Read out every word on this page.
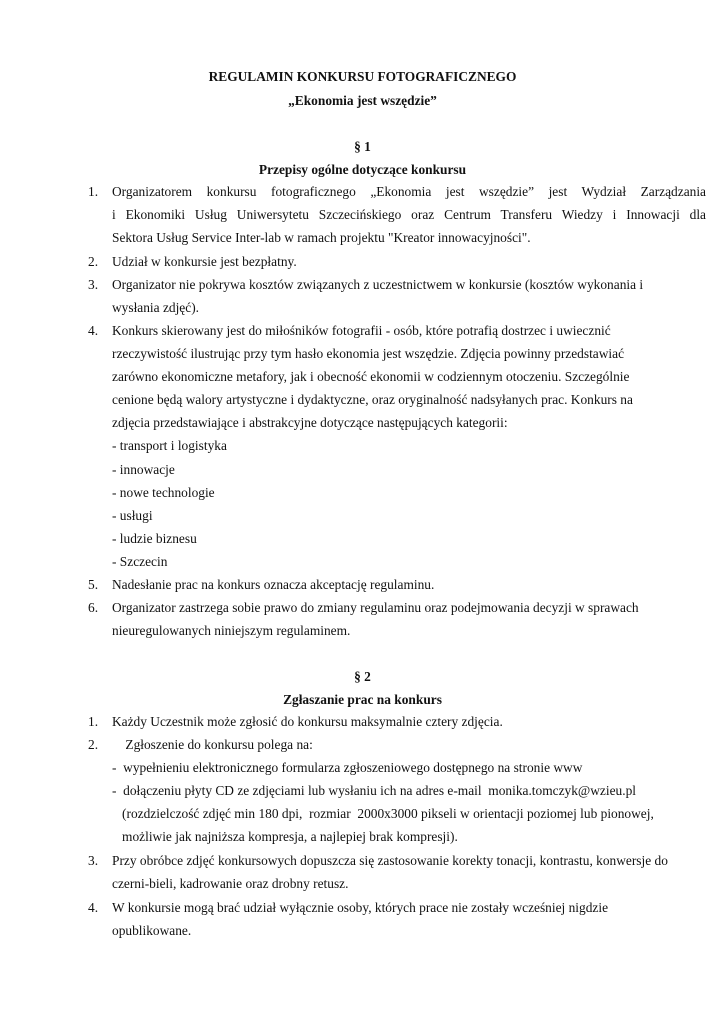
REGULAMIN KONKURSU FOTOGRAFICZNEGO
„Ekonomia jest wszędzie”
§ 1
Przepisy ogólne dotyczące konkursu
1.	Organizatorem konkursu fotograficznego „Ekonomia jest wszędzie” jest Wydział Zarządzania
i Ekonomiki Usług Uniwersytetu Szczecińskiego oraz Centrum Transferu Wiedzy i Innowacji dla
Sektora Usług Service Inter-lab w ramach projektu "Kreator innowacyjności".
2.	Udział w konkursie jest bezpłatny.
3.	Organizator nie pokrywa kosztów związanych z uczestnictwem w konkursie (kosztów wykonania i
wysłania zdjęć).
4.	Konkurs skierowany jest do miłośników fotografii - osób, które potrafią dostrzec i uwiecznić
rzeczywistość ilustrując przy tym hasło ekonomia jest wszędzie. Zdjęcia powinny przedstawiać
zarówno ekonomiczne metafory, jak i obecność ekonomii w codziennym otoczeniu. Szczególnie
cenione będą walory artystyczne i dydaktyczne, oraz oryginalność nadsyłanych prac. Konkurs na
zdjęcia przedstawiające i abstrakcyjne dotyczące następujących kategorii:
- transport i logistyka
- innowacje
- nowe technologie
- usługi
- ludzie biznesu
- Szczecin
5.	Nadesłanie prac na konkurs oznacza akceptację regulaminu.
6.	Organizator zastrzega sobie prawo do zmiany regulaminu oraz podejmowania decyzji w sprawach
nieuregulowanych niniejszym regulaminem.
§ 2
Zgłaszanie prac na konkurs
1.	Każdy Uczestnik może zgłosić do konkursu maksymalnie cztery zdjęcia.
2.	Zgłoszenie do konkursu polega na:
-  wypełnieniu elektronicznego formularza zgłoszeniowego dostępnego na stronie www
-  dołączeniu płyty CD ze zdjęciami lub wysłaniu ich na adres e-mail  monika.tomczyk@wzieu.pl
(rozdzielczość zdjęć min 180 dpi,  rozmiar  2000x3000 pikseli w orientacji poziomej lub pionowej,
możliwie jak najniższa kompresja, a najlepiej brak kompresji).
3.	Przy obróbce zdjęć konkursowych dopuszcza się zastosowanie korekty tonacji, kontrastu, konwersje do
czerni-bieli, kadrowanie oraz drobny retusz.
4.	W konkursie mogą brać udział wyłącznie osoby, których prace nie zostały wcześniej nigdzie
opublikowane.
